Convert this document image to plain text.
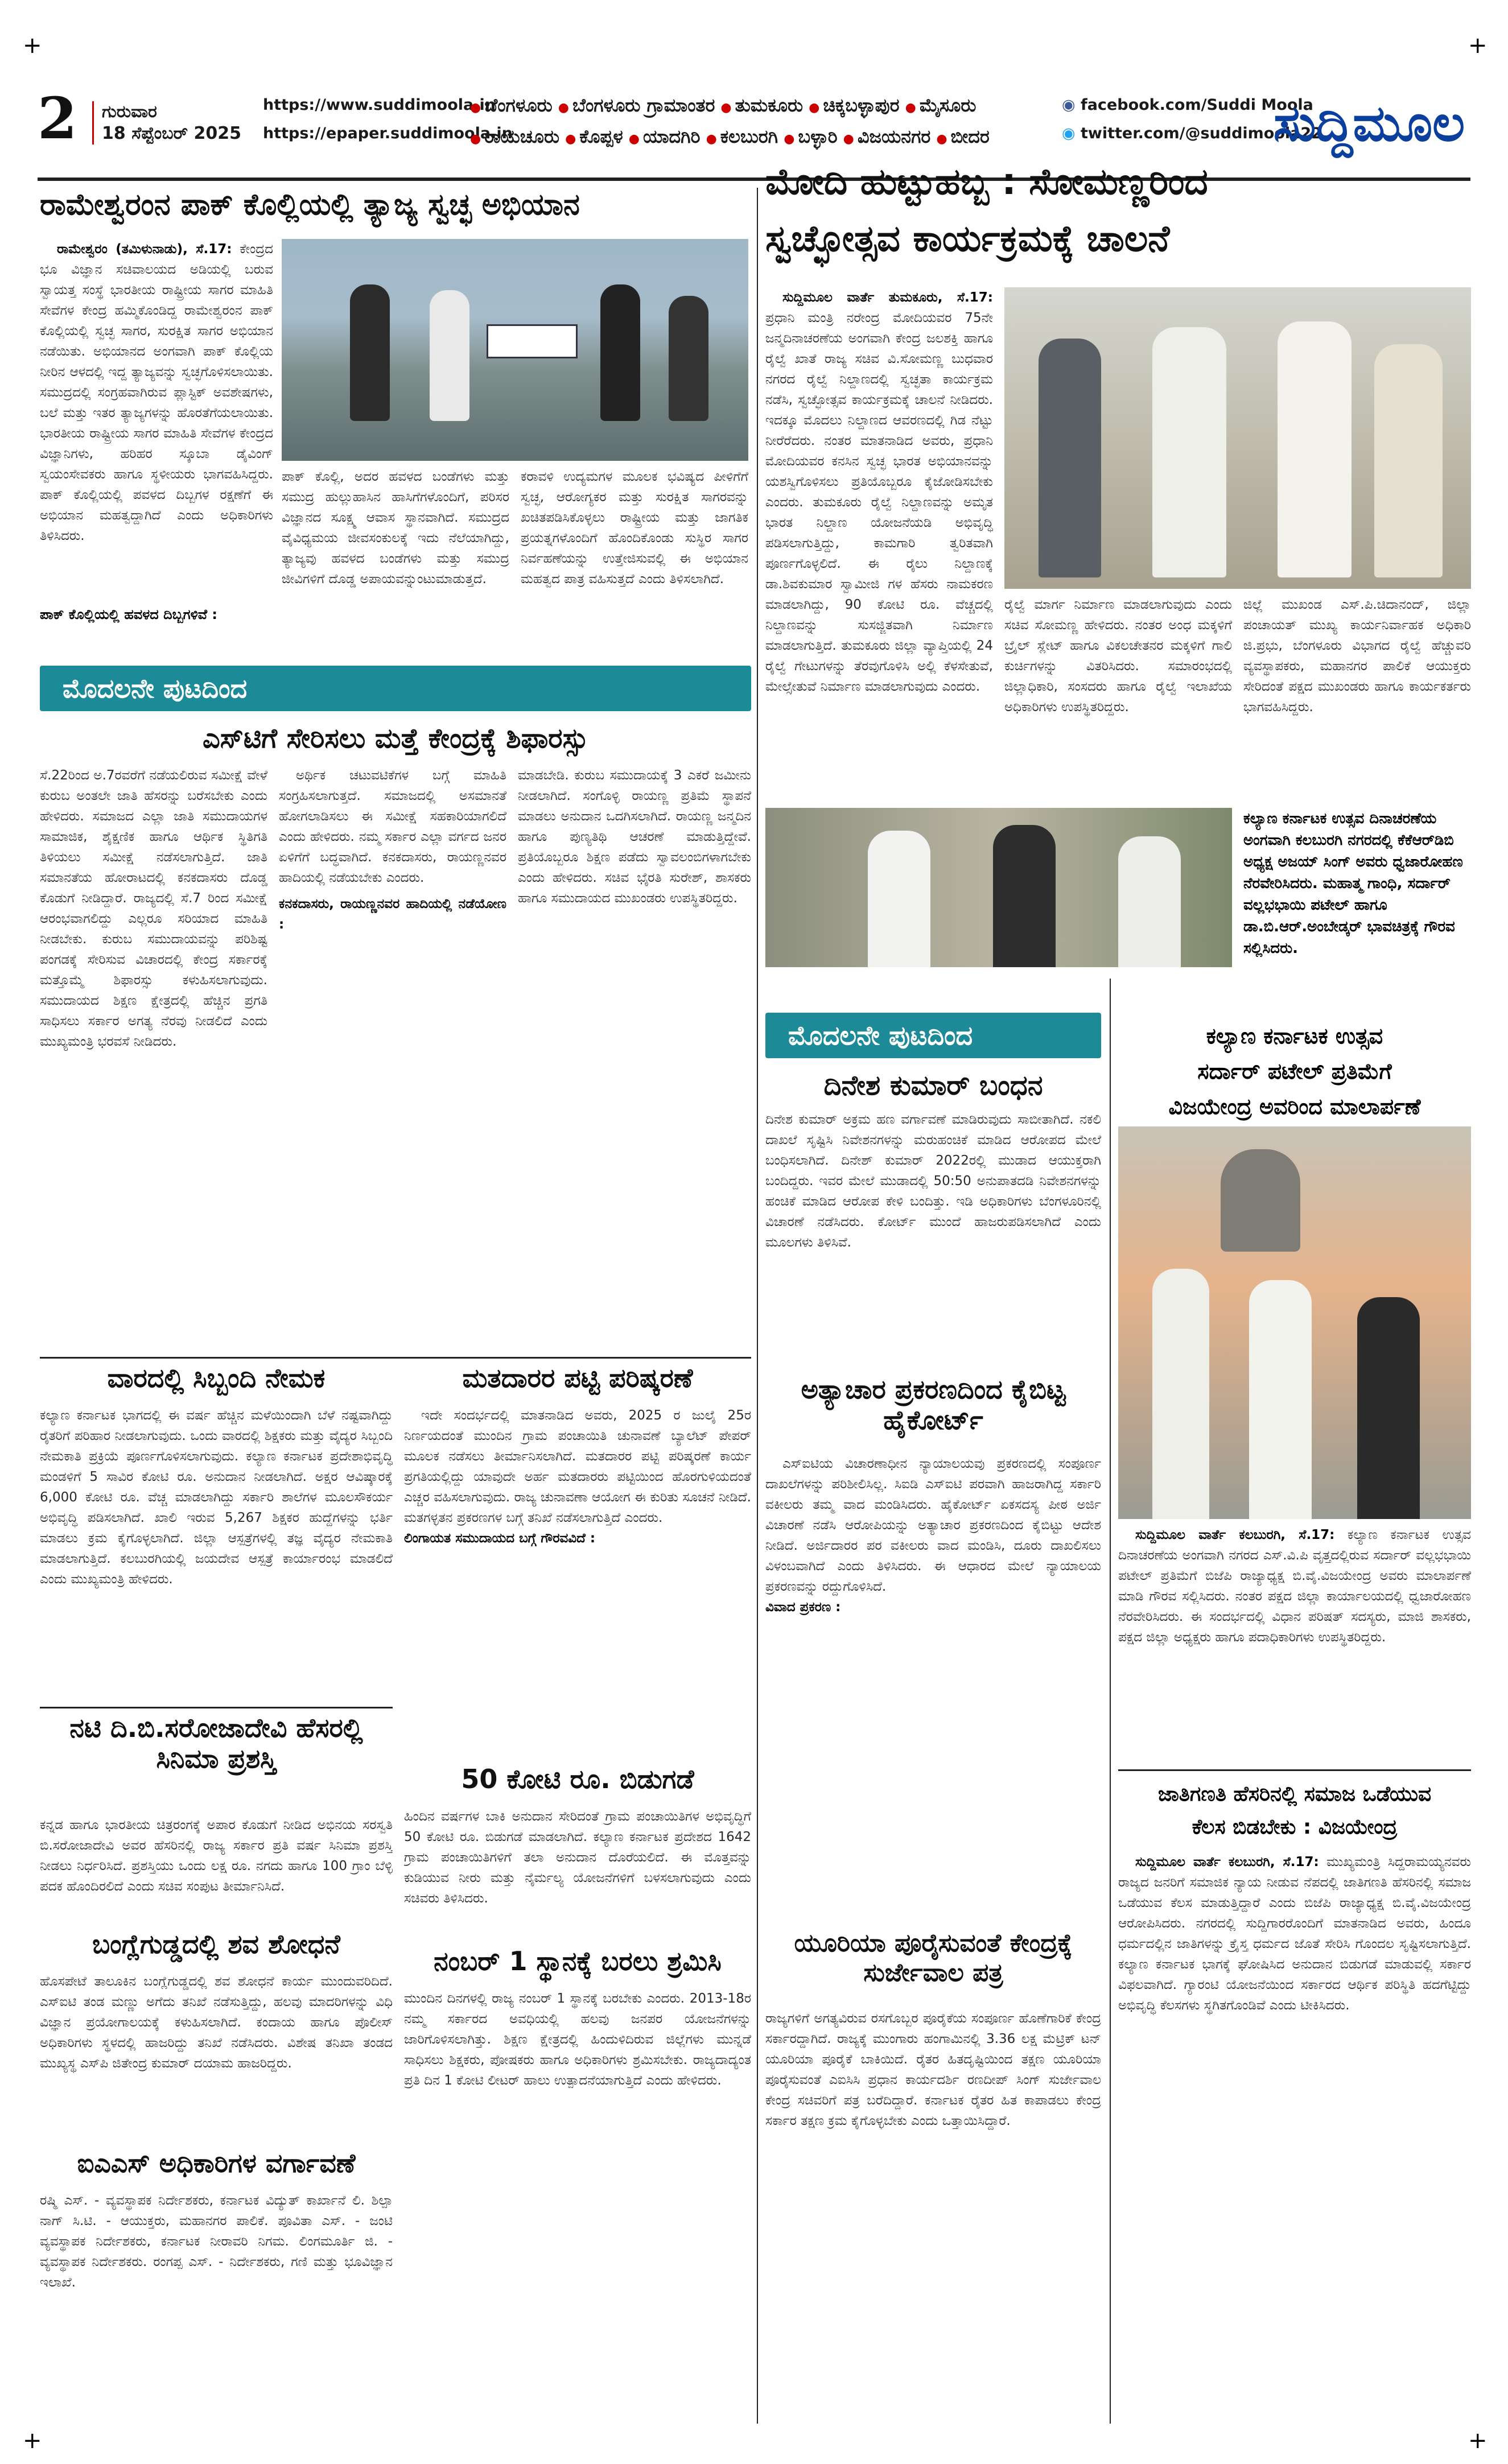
+	+
+	+
2 ಗುರುವಾರ
18 ಸೆಪ್ಟೆಂಬರ್ 2025
https://www.suddimoola.in
https://epaper.suddimoola.in
● ಬೆಂಗಳೂರು ● ಬೆಂಗಳೂರು ಗ್ರಾಮಾಂತರ ● ತುಮಕೂರು ● ಚಿಕ್ಕಬಳ್ಳಾಪುರ ● ಮೈಸೂರು
● ರಾಯಚೂರು ● ಕೊಪ್ಪಳ ● ಯಾದಗಿರಿ ● ಕಲಬುರಗಿ ● ಬಳ್ಳಾರಿ ● ವಿಜಯನಗರ ● ಬೀದರ
◉ facebook.com/Suddi Moola
◉ twitter.com/@suddimoola22
ಸುದ್ದಿಮೂಲ
ರಾಮೇಶ್ವರಂನ ಪಾಕ್ ಕೊಲ್ಲಿಯಲ್ಲಿ ತ್ಯಾಜ್ಯ ಸ್ವಚ್ಛ ಅಭಿಯಾನ

ರಾಮೇಶ್ವರಂ (ತಮಿಳುನಾಡು), ಸೆ.17: ಕೇಂದ್ರದ ಭೂ ವಿಜ್ಞಾನ ಸಚಿವಾಲಯದ ಅಡಿಯಲ್ಲಿ ಬರುವ ಸ್ವಾಯತ್ತ ಸಂಸ್ಥೆ ಭಾರತೀಯ ರಾಷ್ಟ್ರೀಯ ಸಾಗರ ಮಾಹಿತಿ ಸೇವೆಗಳ ಕೇಂದ್ರ ಹಮ್ಮಿಕೊಂಡಿದ್ದ ರಾಮೇಶ್ವರಂನ ಪಾಕ್ ಕೊಲ್ಲಿಯಲ್ಲಿ ಸ್ವಚ್ಛ ಸಾಗರ, ಸುರಕ್ಷಿತ ಸಾಗರ ಅಭಿಯಾನ ನಡೆಯಿತು. ಅಭಿಯಾನದ ಅಂಗವಾಗಿ ಪಾಕ್ ಕೊಲ್ಲಿಯ ನೀರಿನ ಆಳದಲ್ಲಿ ಇದ್ದ ತ್ಯಾಜ್ಯವನ್ನು ಸ್ವಚ್ಛಗೊಳಿಸಲಾಯಿತು. ಸಮುದ್ರದಲ್ಲಿ ಸಂಗ್ರಹವಾಗಿರುವ ಪ್ಲಾಸ್ಟಿಕ್ ಅವಶೇಷಗಳು, ಬಲೆ ಮತ್ತು ಇತರ ತ್ಯಾಜ್ಯಗಳನ್ನು ಹೊರತೆಗೆಯಲಾಯಿತು. ಭಾರತೀಯ ರಾಷ್ಟ್ರೀಯ ಸಾಗರ ಮಾಹಿತಿ ಸೇವೆಗಳ ಕೇಂದ್ರದ ವಿಜ್ಞಾನಿಗಳು, ಹರಿಹರ ಸ್ಕೂಬಾ ಡೈವಿಂಗ್ ಸ್ವಯಂಸೇವಕರು ಹಾಗೂ ಸ್ಥಳೀಯರು ಭಾಗವಹಿಸಿದ್ದರು. ಪಾಕ್ ಕೊಲ್ಲಿಯಲ್ಲಿ ಪವಳದ ದಿಬ್ಬಗಳ ರಕ್ಷಣೆಗೆ ಈ ಅಭಿಯಾನ ಮಹತ್ವದ್ದಾಗಿದೆ ಎಂದು ಅಧಿಕಾರಿಗಳು ತಿಳಿಸಿದರು.

ಪಾಕ್ ಕೊಲ್ಲಿ, ಅದರ ಹವಳದ ಬಂಡೆಗಳು ಮತ್ತು ಸಮುದ್ರ ಹುಲ್ಲುಹಾಸಿನ ಹಾಸಿಗೆಗಳೊಂದಿಗೆ, ಪರಿಸರ ವಿಜ್ಞಾನದ ಸೂಕ್ಷ್ಮ ಆವಾಸ ಸ್ಥಾನವಾಗಿದೆ. ಸಮುದ್ರದ ವೈವಿಧ್ಯಮಯ ಜೀವಸಂಕುಲಕ್ಕೆ ಇದು ನೆಲೆಯಾಗಿದ್ದು, ತ್ಯಾಜ್ಯವು ಹವಳದ ಬಂಡೆಗಳು ಮತ್ತು ಸಮುದ್ರ ಜೀವಿಗಳಿಗೆ ದೊಡ್ಡ ಅಪಾಯವನ್ನುಂಟುಮಾಡುತ್ತದೆ.
ಕರಾವಳಿ ಉದ್ಯಮಗಳ ಮೂಲಕ ಭವಿಷ್ಯದ ಪೀಳಿಗೆಗೆ ಸ್ವಚ್ಛ, ಆರೋಗ್ಯಕರ ಮತ್ತು ಸುರಕ್ಷಿತ ಸಾಗರವನ್ನು ಖಚಿತಪಡಿಸಿಕೊಳ್ಳಲು ರಾಷ್ಟ್ರೀಯ ಮತ್ತು ಜಾಗತಿಕ ಪ್ರಯತ್ನಗಳೊಂದಿಗೆ ಹೊಂದಿಕೊಂಡು ಸುಸ್ಥಿರ ಸಾಗರ ನಿರ್ವಹಣೆಯನ್ನು ಉತ್ತೇಜಿಸುವಲ್ಲಿ ಈ ಅಭಿಯಾನ ಮಹತ್ವದ ಪಾತ್ರ ವಹಿಸುತ್ತದೆ ಎಂದು ತಿಳಿಸಲಾಗಿದೆ.
ಪಾಕ್ ಕೊಲ್ಲಿಯಲ್ಲಿ ಹವಳದ ದಿಬ್ಬಗಳಿವೆ :
ಮೋದಿ ಹುಟ್ಟುಹಬ್ಬ : ಸೋಮಣ್ಣರಿಂದ
ಸ್ವಚ್ಛೋತ್ಸವ ಕಾರ್ಯಕ್ರಮಕ್ಕೆ ಚಾಲನೆ

ಸುದ್ದಿಮೂಲ ವಾರ್ತೆ ತುಮಕೂರು, ಸೆ.17: ಪ್ರಧಾನಿ ಮಂತ್ರಿ ನರೇಂದ್ರ ಮೋದಿಯವರ 75ನೇ ಜನ್ಮದಿನಾಚರಣೆಯ ಅಂಗವಾಗಿ ಕೇಂದ್ರ ಜಲಶಕ್ತಿ ಹಾಗೂ ರೈಲ್ವೆ ಖಾತೆ ರಾಜ್ಯ ಸಚಿವ ವಿ.ಸೋಮಣ್ಣ ಬುಧವಾರ ನಗರದ ರೈಲ್ವೆ ನಿಲ್ದಾಣದಲ್ಲಿ ಸ್ವಚ್ಛತಾ ಕಾರ್ಯಕ್ರಮ ನಡೆಸಿ, ಸ್ವಚ್ಛೋತ್ಸವ ಕಾರ್ಯಕ್ರಮಕ್ಕೆ ಚಾಲನೆ ನೀಡಿದರು. ಇದಕ್ಕೂ ಮೊದಲು ನಿಲ್ದಾಣದ ಆವರಣದಲ್ಲಿ ಗಿಡ ನೆಟ್ಟು ನೀರೆರೆದರು. ನಂತರ ಮಾತನಾಡಿದ ಅವರು, ಪ್ರಧಾನಿ ಮೋದಿಯವರ ಕನಸಿನ ಸ್ವಚ್ಛ ಭಾರತ ಅಭಿಯಾನವನ್ನು ಯಶಸ್ವಿಗೊಳಿಸಲು ಪ್ರತಿಯೊಬ್ಬರೂ ಕೈಜೋಡಿಸಬೇಕು ಎಂದರು. ತುಮಕೂರು ರೈಲ್ವೆ ನಿಲ್ದಾಣವನ್ನು ಅಮೃತ ಭಾರತ ನಿಲ್ದಾಣ ಯೋಜನೆಯಡಿ ಅಭಿವೃದ್ಧಿ ಪಡಿಸಲಾಗುತ್ತಿದ್ದು, ಕಾಮಗಾರಿ ತ್ವರಿತವಾಗಿ ಪೂರ್ಣಗೊಳ್ಳಲಿದೆ. ಈ ರೈಲು ನಿಲ್ದಾಣಕ್ಕೆ ಡಾ.ಶಿವಕುಮಾರ ಸ್ವಾಮೀಜಿ ಗಳ ಹೆಸರು ನಾಮಕರಣ ಮಾಡಲಾಗಿದ್ದು, 90 ಕೋಟಿ ರೂ. ವೆಚ್ಚದಲ್ಲಿ ನಿಲ್ದಾಣವನ್ನು ಸುಸಜ್ಜಿತವಾಗಿ ನಿರ್ಮಾಣ ಮಾಡಲಾಗುತ್ತಿದೆ. ತುಮಕೂರು ಜಿಲ್ಲಾ ವ್ಯಾಪ್ತಿಯಲ್ಲಿ 24 ರೈಲ್ವೆ ಗೇಟುಗಳನ್ನು ತೆರವುಗೊಳಿಸಿ ಅಲ್ಲಿ ಕೆಳಸೇತುವೆ, ಮೇಲ್ಸೇತುವೆ ನಿರ್ಮಾಣ ಮಾಡಲಾಗುವುದು ಎಂದರು.

ರೈಲ್ವೆ ಮಾರ್ಗ ನಿರ್ಮಾಣ ಮಾಡಲಾಗುವುದು ಎಂದು ಸಚಿವ ಸೋಮಣ್ಣ ಹೇಳಿದರು. ನಂತರ ಅಂಧ ಮಕ್ಕಳಿಗೆ ಬ್ರೈಲ್ ಸ್ಲೇಟ್ ಹಾಗೂ ವಿಕಲಚೇತನರ ಮಕ್ಕಳಿಗೆ ಗಾಲಿ ಕುರ್ಚಿಗಳನ್ನು ವಿತರಿಸಿದರು. ಸಮಾರಂಭದಲ್ಲಿ ಜಿಲ್ಲಾಧಿಕಾರಿ, ಸಂಸದರು ಹಾಗೂ ರೈಲ್ವೆ ಇಲಾಖೆಯ ಅಧಿಕಾರಿಗಳು ಉಪಸ್ಥಿತರಿದ್ದರು.
ಜಿಲ್ಲೆ ಮುಖಂಡ ಎಸ್.ಪಿ.ಚಿದಾನಂದ್, ಜಿಲ್ಲಾ ಪಂಚಾಯತ್ ಮುಖ್ಯ ಕಾರ್ಯನಿರ್ವಾಹಕ ಅಧಿಕಾರಿ ಜಿ.ಪ್ರಭು, ಬೆಂಗಳೂರು ವಿಭಾಗದ ರೈಲ್ವೆ ಹೆಚ್ಚುವರಿ ವ್ಯವಸ್ಥಾಪಕರು, ಮಹಾನಗರ ಪಾಲಿಕೆ ಆಯುಕ್ತರು ಸೇರಿದಂತೆ ಪಕ್ಷದ ಮುಖಂಡರು ಹಾಗೂ ಕಾರ್ಯಕರ್ತರು ಭಾಗವಹಿಸಿದ್ದರು.
ಕಲ್ಯಾಣ ಕರ್ನಾಟಕ ಉತ್ಸವ ದಿನಾಚರಣೆಯ ಅಂಗವಾಗಿ ಕಲಬುರಗಿ ನಗರದಲ್ಲಿ ಕೆಕೆಆರ್‌ಡಿಬಿ ಅಧ್ಯಕ್ಷ ಅಜಯ್ ಸಿಂಗ್ ಅವರು ಧ್ವಜಾರೋಹಣ ನೆರವೇರಿಸಿದರು. ಮಹಾತ್ಮ ಗಾಂಧಿ, ಸರ್ದಾರ್ ವಲ್ಲಭಭಾಯಿ ಪಟೇಲ್ ಹಾಗೂ ಡಾ.ಬಿ.ಆರ್.ಅಂಬೇಡ್ಕರ್ ಭಾವಚಿತ್ರಕ್ಕೆ ಗೌರವ ಸಲ್ಲಿಸಿದರು.
ಮೊದಲನೇ ಪುಟದಿಂದ
ಎಸ್‌ಟಿಗೆ ಸೇರಿಸಲು ಮತ್ತೆ ಕೇಂದ್ರಕ್ಕೆ ಶಿಫಾರಸ್ಸು
ಸೆ.22ರಿಂದ ಅ.7ರವರೆಗೆ ನಡೆಯಲಿರುವ ಸಮೀಕ್ಷೆ ವೇಳೆ ಕುರುಬ ಅಂತಲೇ ಜಾತಿ ಹೆಸರನ್ನು ಬರೆಸಬೇಕು ಎಂದು ಹೇಳಿದರು. ಸಮಾಜದ ಎಲ್ಲಾ ಜಾತಿ ಸಮುದಾಯಗಳ ಸಾಮಾಜಿಕ, ಶೈಕ್ಷಣಿಕ ಹಾಗೂ ಆರ್ಥಿಕ ಸ್ಥಿತಿಗತಿ ತಿಳಿಯಲು ಸಮೀಕ್ಷೆ ನಡೆಸಲಾಗುತ್ತಿದೆ. ಜಾತಿ ಸಮಾನತೆಯ ಹೋರಾಟದಲ್ಲಿ ಕನಕದಾಸರು ದೊಡ್ಡ ಕೊಡುಗೆ ನೀಡಿದ್ದಾರೆ. ರಾಜ್ಯದಲ್ಲಿ ಸೆ.7 ರಿಂದ ಸಮೀಕ್ಷೆ ಆರಂಭವಾಗಲಿದ್ದು ಎಲ್ಲರೂ ಸರಿಯಾದ ಮಾಹಿತಿ ನೀಡಬೇಕು. ಕುರುಬ ಸಮುದಾಯವನ್ನು ಪರಿಶಿಷ್ಟ ಪಂಗಡಕ್ಕೆ ಸೇರಿಸುವ ವಿಚಾರದಲ್ಲಿ ಕೇಂದ್ರ ಸರ್ಕಾರಕ್ಕೆ ಮತ್ತೊಮ್ಮೆ ಶಿಫಾರಸ್ಸು ಕಳುಹಿಸಲಾಗುವುದು. ಸಮುದಾಯದ ಶಿಕ್ಷಣ ಕ್ಷೇತ್ರದಲ್ಲಿ ಹೆಚ್ಚಿನ ಪ್ರಗತಿ ಸಾಧಿಸಲು ಸರ್ಕಾರ ಅಗತ್ಯ ನೆರವು ನೀಡಲಿದೆ ಎಂದು ಮುಖ್ಯಮಂತ್ರಿ ಭರವಸೆ ನೀಡಿದರು.

ಅರ್ಥಿಕ ಚಟುವಟಿಕೆಗಳ ಬಗ್ಗೆ ಮಾಹಿತಿ ಸಂಗ್ರಹಿಸಲಾಗುತ್ತದೆ. ಸಮಾಜದಲ್ಲಿ ಅಸಮಾನತೆ ಹೋಗಲಾಡಿಸಲು ಈ ಸಮೀಕ್ಷೆ ಸಹಕಾರಿಯಾಗಲಿದೆ ಎಂದು ಹೇಳಿದರು. ನಮ್ಮ ಸರ್ಕಾರ ಎಲ್ಲಾ ವರ್ಗದ ಜನರ ಏಳಿಗೆಗೆ ಬದ್ಧವಾಗಿದೆ. ಕನಕದಾಸರು, ರಾಯಣ್ಣನವರ ಹಾದಿಯಲ್ಲಿ ನಡೆಯಬೇಕು ಎಂದರು.

ಕನಕದಾಸರು, ರಾಯಣ್ಣನವರ ಹಾದಿಯಲ್ಲಿ ನಡೆಯೋಣ :

ಮಾಡಬೇಡಿ. ಕುರುಬ ಸಮುದಾಯಕ್ಕೆ 3 ಎಕರೆ ಜಮೀನು ನೀಡಲಾಗಿದೆ. ಸಂಗೊಳ್ಳಿ ರಾಯಣ್ಣ ಪ್ರತಿಮೆ ಸ್ಥಾಪನೆ ಮಾಡಲು ಅನುದಾನ ಒದಗಿಸಲಾಗಿದೆ. ರಾಯಣ್ಣ ಜನ್ಮದಿನ ಹಾಗೂ ಪುಣ್ಯತಿಥಿ ಆಚರಣೆ ಮಾಡುತ್ತಿದ್ದೇವೆ. ಪ್ರತಿಯೊಬ್ಬರೂ ಶಿಕ್ಷಣ ಪಡೆದು ಸ್ವಾವಲಂಬಿಗಳಾಗಬೇಕು ಎಂದು ಹೇಳಿದರು. ಸಚಿವ ಭೈರತಿ ಸುರೇಶ್, ಶಾಸಕರು ಹಾಗೂ ಸಮುದಾಯದ ಮುಖಂಡರು ಉಪಸ್ಥಿತರಿದ್ದರು.
ವಾರದಲ್ಲಿ ಸಿಬ್ಬಂದಿ ನೇಮಕ
ಕಲ್ಯಾಣ ಕರ್ನಾಟಕ ಭಾಗದಲ್ಲಿ ಈ ವರ್ಷ ಹೆಚ್ಚಿನ ಮಳೆಯಿಂದಾಗಿ ಬೆಳೆ ನಷ್ಟವಾಗಿದ್ದು ರೈತರಿಗೆ ಪರಿಹಾರ ನೀಡಲಾಗುವುದು. ಒಂದು ವಾರದಲ್ಲಿ ಶಿಕ್ಷಕರು ಮತ್ತು ವೈದ್ಯರ ಸಿಬ್ಬಂದಿ ನೇಮಕಾತಿ ಪ್ರಕ್ರಿಯೆ ಪೂರ್ಣಗೊಳಿಸಲಾಗುವುದು. ಕಲ್ಯಾಣ ಕರ್ನಾಟಕ ಪ್ರದೇಶಾಭಿವೃದ್ಧಿ ಮಂಡಳಿಗೆ 5 ಸಾವಿರ ಕೋಟಿ ರೂ. ಅನುದಾನ ನೀಡಲಾಗಿದೆ. ಅಕ್ಷರ ಆವಿಷ್ಕಾರಕ್ಕೆ 6,000 ಕೋಟಿ ರೂ. ವೆಚ್ಚ ಮಾಡಲಾಗಿದ್ದು ಸರ್ಕಾರಿ ಶಾಲೆಗಳ ಮೂಲಸೌಕರ್ಯ ಅಭಿವೃದ್ಧಿ ಪಡಿಸಲಾಗಿದೆ. ಖಾಲಿ ಇರುವ 5,267 ಶಿಕ್ಷಕರ ಹುದ್ದೆಗಳನ್ನು ಭರ್ತಿ ಮಾಡಲು ಕ್ರಮ ಕೈಗೊಳ್ಳಲಾಗಿದೆ. ಜಿಲ್ಲಾ ಆಸ್ಪತ್ರೆಗಳಲ್ಲಿ ತಜ್ಞ ವೈದ್ಯರ ನೇಮಕಾತಿ ಮಾಡಲಾಗುತ್ತಿದೆ. ಕಲಬುರಗಿಯಲ್ಲಿ ಜಯದೇವ ಆಸ್ಪತ್ರೆ ಕಾರ್ಯಾರಂಭ ಮಾಡಲಿದೆ ಎಂದು ಮುಖ್ಯಮಂತ್ರಿ ಹೇಳಿದರು.
ಮತದಾರರ ಪಟ್ಟಿ ಪರಿಷ್ಕರಣೆ

ಇದೇ ಸಂದರ್ಭದಲ್ಲಿ ಮಾತನಾಡಿದ ಅವರು, 2025 ರ ಜುಲೈ 25ರ ನಿರ್ಣಯದಂತೆ ಮುಂದಿನ ಗ್ರಾಮ ಪಂಚಾಯಿತಿ ಚುನಾವಣೆ ಬ್ಯಾಲೆಟ್ ಪೇಪರ್ ಮೂಲಕ ನಡೆಸಲು ತೀರ್ಮಾನಿಸಲಾಗಿದೆ. ಮತದಾರರ ಪಟ್ಟಿ ಪರಿಷ್ಕರಣೆ ಕಾರ್ಯ ಪ್ರಗತಿಯಲ್ಲಿದ್ದು ಯಾವುದೇ ಅರ್ಹ ಮತದಾರರು ಪಟ್ಟಿಯಿಂದ ಹೊರಗುಳಿಯದಂತೆ ಎಚ್ಚರ ವಹಿಸಲಾಗುವುದು. ರಾಜ್ಯ ಚುನಾವಣಾ ಆಯೋಗ ಈ ಕುರಿತು ಸೂಚನೆ ನೀಡಿದೆ. ಮತಗಳ್ಳತನ ಪ್ರಕರಣಗಳ ಬಗ್ಗೆ ತನಿಖೆ ನಡೆಸಲಾಗುತ್ತಿದೆ ಎಂದರು.

ಲಿಂಗಾಯತ ಸಮುದಾಯದ ಬಗ್ಗೆ ಗೌರವವಿದೆ :

ನಟಿ ದಿ.ಬಿ.ಸರೋಜಾದೇವಿ ಹೆಸರಲ್ಲಿ ಸಿನಿಮಾ ಪ್ರಶಸ್ತಿ
ಕನ್ನಡ ಹಾಗೂ ಭಾರತೀಯ ಚಿತ್ರರಂಗಕ್ಕೆ ಅಪಾರ ಕೊಡುಗೆ ನೀಡಿದ ಅಭಿನಯ ಸರಸ್ವತಿ ಬಿ.ಸರೋಜಾದೇವಿ ಅವರ ಹೆಸರಿನಲ್ಲಿ ರಾಜ್ಯ ಸರ್ಕಾರ ಪ್ರತಿ ವರ್ಷ ಸಿನಿಮಾ ಪ್ರಶಸ್ತಿ ನೀಡಲು ನಿರ್ಧರಿಸಿದೆ. ಪ್ರಶಸ್ತಿಯು ಒಂದು ಲಕ್ಷ ರೂ. ನಗದು ಹಾಗೂ 100 ಗ್ರಾಂ ಬೆಳ್ಳಿ ಪದಕ ಹೊಂದಿರಲಿದೆ ಎಂದು ಸಚಿವ ಸಂಪುಟ ತೀರ್ಮಾನಿಸಿದೆ.
ಬಂಗ್ಲೆಗುಡ್ಡದಲ್ಲಿ ಶವ ಶೋಧನೆ
ಹೊಸಪೇಟೆ ತಾಲೂಕಿನ ಬಂಗ್ಲೆಗುಡ್ಡದಲ್ಲಿ ಶವ ಶೋಧನೆ ಕಾರ್ಯ ಮುಂದುವರಿದಿದೆ. ಎಸ್‌ಐಟಿ ತಂಡ ಮಣ್ಣು ಅಗೆದು ತನಿಖೆ ನಡೆಸುತ್ತಿದ್ದು, ಹಲವು ಮಾದರಿಗಳನ್ನು ವಿಧಿ ವಿಜ್ಞಾನ ಪ್ರಯೋಗಾಲಯಕ್ಕೆ ಕಳುಹಿಸಲಾಗಿದೆ. ಕಂದಾಯ ಹಾಗೂ ಪೊಲೀಸ್ ಅಧಿಕಾರಿಗಳು ಸ್ಥಳದಲ್ಲಿ ಹಾಜರಿದ್ದು ತನಿಖೆ ನಡೆಸಿದರು. ವಿಶೇಷ ತನಿಖಾ ತಂಡದ ಮುಖ್ಯಸ್ಥ ಎಸ್‌ಪಿ ಜಿತೇಂದ್ರ ಕುಮಾರ್ ದಯಾಮ ಹಾಜರಿದ್ದರು.
ಐಎಎಸ್ ಅಧಿಕಾರಿಗಳ ವರ್ಗಾವಣೆ
ರಷ್ಮಿ ಎಸ್. - ವ್ಯವಸ್ಥಾಪಕ ನಿರ್ದೇಶಕರು, ಕರ್ನಾಟಕ ವಿದ್ಯುತ್ ಕಾರ್ಖಾನೆ ಲಿ. ಶಿಲ್ಪಾ ನಾಗ್ ಸಿ.ಟಿ. - ಆಯುಕ್ತರು, ಮಹಾನಗರ ಪಾಲಿಕೆ. ಪೂವಿತಾ ಎಸ್. - ಜಂಟಿ ವ್ಯವಸ್ಥಾಪಕ ನಿರ್ದೇಶಕರು, ಕರ್ನಾಟಕ ನೀರಾವರಿ ನಿಗಮ. ಲಿಂಗಮೂರ್ತಿ ಜಿ. - ವ್ಯವಸ್ಥಾಪಕ ನಿರ್ದೇಶಕರು. ರಂಗಪ್ಪ ಎಸ್. - ನಿರ್ದೇಶಕರು, ಗಣಿ ಮತ್ತು ಭೂವಿಜ್ಞಾನ ಇಲಾಖೆ.
50 ಕೋಟಿ ರೂ. ಬಿಡುಗಡೆ
ಹಿಂದಿನ ವರ್ಷಗಳ ಬಾಕಿ ಅನುದಾನ ಸೇರಿದಂತೆ ಗ್ರಾಮ ಪಂಚಾಯಿತಿಗಳ ಅಭಿವೃದ್ಧಿಗೆ 50 ಕೋಟಿ ರೂ. ಬಿಡುಗಡೆ ಮಾಡಲಾಗಿದೆ. ಕಲ್ಯಾಣ ಕರ್ನಾಟಕ ಪ್ರದೇಶದ 1642 ಗ್ರಾಮ ಪಂಚಾಯಿತಿಗಳಿಗೆ ತಲಾ ಅನುದಾನ ದೊರೆಯಲಿದೆ. ಈ ಮೊತ್ತವನ್ನು ಕುಡಿಯುವ ನೀರು ಮತ್ತು ನೈರ್ಮಲ್ಯ ಯೋಜನೆಗಳಿಗೆ ಬಳಸಲಾಗುವುದು ಎಂದು ಸಚಿವರು ತಿಳಿಸಿದರು.
ನಂಬರ್ 1 ಸ್ಥಾನಕ್ಕೆ ಬರಲು ಶ್ರಮಿಸಿ
ಮುಂದಿನ ದಿನಗಳಲ್ಲಿ ರಾಜ್ಯ ನಂಬರ್ 1 ಸ್ಥಾನಕ್ಕೆ ಬರಬೇಕು ಎಂದರು. 2013-18ರ ನಮ್ಮ ಸರ್ಕಾರದ ಅವಧಿಯಲ್ಲಿ ಹಲವು ಜನಪರ ಯೋಜನೆಗಳನ್ನು ಜಾರಿಗೊಳಿಸಲಾಗಿತ್ತು. ಶಿಕ್ಷಣ ಕ್ಷೇತ್ರದಲ್ಲಿ ಹಿಂದುಳಿದಿರುವ ಜಿಲ್ಲೆಗಳು ಮುನ್ನಡೆ ಸಾಧಿಸಲು ಶಿಕ್ಷಕರು, ಪೋಷಕರು ಹಾಗೂ ಅಧಿಕಾರಿಗಳು ಶ್ರಮಿಸಬೇಕು. ರಾಜ್ಯದಾದ್ಯಂತ ಪ್ರತಿ ದಿನ 1 ಕೋಟಿ ಲೀಟರ್ ಹಾಲು ಉತ್ಪಾದನೆಯಾಗುತ್ತಿದೆ ಎಂದು ಹೇಳಿದರು.
ಮೊದಲನೇ ಪುಟದಿಂದ
ದಿನೇಶ ಕುಮಾರ್ ಬಂಧನ
ದಿನೇಶ ಕುಮಾರ್ ಅಕ್ರಮ ಹಣ ವರ್ಗಾವಣೆ ಮಾಡಿರುವುದು ಸಾಬೀತಾಗಿದೆ. ನಕಲಿ ದಾಖಲೆ ಸೃಷ್ಟಿಸಿ ನಿವೇಶನಗಳನ್ನು ಮರುಹಂಚಿಕೆ ಮಾಡಿದ ಆರೋಪದ ಮೇಲೆ ಬಂಧಿಸಲಾಗಿದೆ. ದಿನೇಶ್ ಕುಮಾರ್ 2022ರಲ್ಲಿ ಮುಡಾದ ಆಯುಕ್ತರಾಗಿ ಬಂದಿದ್ದರು. ಇವರ ಮೇಲೆ ಮುಡಾದಲ್ಲಿ 50:50 ಅನುಪಾತದಡಿ ನಿವೇಶನಗಳನ್ನು ಹಂಚಿಕೆ ಮಾಡಿದ ಆರೋಪ ಕೇಳಿ ಬಂದಿತ್ತು. ಇಡಿ ಅಧಿಕಾರಿಗಳು ಬೆಂಗಳೂರಿನಲ್ಲಿ ವಿಚಾರಣೆ ನಡೆಸಿದರು. ಕೋರ್ಟ್ ಮುಂದೆ ಹಾಜರುಪಡಿಸಲಾಗಿದೆ ಎಂದು ಮೂಲಗಳು ತಿಳಿಸಿವೆ.
ಅತ್ಯಾಚಾರ ಪ್ರಕರಣದಿಂದ ಕೈಬಿಟ್ಟ ಹೈಕೋರ್ಟ್

ಎಸ್‌ಐಟಿಯ ವಿಚಾರಣಾಧೀನ ನ್ಯಾಯಾಲಯವು ಪ್ರಕರಣದಲ್ಲಿ ಸಂಪೂರ್ಣ ದಾಖಲೆಗಳನ್ನು ಪರಿಶೀಲಿಸಿಲ್ಲ. ಸಿಐಡಿ ಎಸ್‌ಐಟಿ ಪರವಾಗಿ ಹಾಜರಾಗಿದ್ದ ಸರ್ಕಾರಿ ವಕೀಲರು ತಮ್ಮ ವಾದ ಮಂಡಿಸಿದರು. ಹೈಕೋರ್ಟ್ ಏಕಸದಸ್ಯ ಪೀಠ ಅರ್ಜಿ ವಿಚಾರಣೆ ನಡೆಸಿ ಆರೋಪಿಯನ್ನು ಅತ್ಯಾಚಾರ ಪ್ರಕರಣದಿಂದ ಕೈಬಿಟ್ಟು ಆದೇಶ ನೀಡಿದೆ. ಅರ್ಜಿದಾರರ ಪರ ವಕೀಲರು ವಾದ ಮಂಡಿಸಿ, ದೂರು ದಾಖಲಿಸಲು ವಿಳಂಬವಾಗಿದೆ ಎಂದು ತಿಳಿಸಿದರು. ಈ ಆಧಾರದ ಮೇಲೆ ನ್ಯಾಯಾಲಯ ಪ್ರಕರಣವನ್ನು ರದ್ದುಗೊಳಿಸಿದೆ.

ವಿವಾದ ಪ್ರಕರಣ :

ಯೂರಿಯಾ ಪೂರೈಸುವಂತೆ ಕೇಂದ್ರಕ್ಕೆ ಸುರ್ಜೇವಾಲ ಪತ್ರ
ರಾಜ್ಯಗಳಿಗೆ ಅಗತ್ಯವಿರುವ ರಸಗೊಬ್ಬರ ಪೂರೈಕೆಯ ಸಂಪೂರ್ಣ ಹೊಣೆಗಾರಿಕೆ ಕೇಂದ್ರ ಸರ್ಕಾರದ್ದಾಗಿದೆ. ರಾಜ್ಯಕ್ಕೆ ಮುಂಗಾರು ಹಂಗಾಮಿನಲ್ಲಿ 3.36 ಲಕ್ಷ ಮೆಟ್ರಿಕ್ ಟನ್ ಯೂರಿಯಾ ಪೂರೈಕೆ ಬಾಕಿಯಿದೆ. ರೈತರ ಹಿತದೃಷ್ಟಿಯಿಂದ ತಕ್ಷಣ ಯೂರಿಯಾ ಪೂರೈಸುವಂತೆ ಎಐಸಿಸಿ ಪ್ರಧಾನ ಕಾರ್ಯದರ್ಶಿ ರಣದೀಪ್ ಸಿಂಗ್ ಸುರ್ಜೇವಾಲ ಕೇಂದ್ರ ಸಚಿವರಿಗೆ ಪತ್ರ ಬರೆದಿದ್ದಾರೆ. ಕರ್ನಾಟಕ ರೈತರ ಹಿತ ಕಾಪಾಡಲು ಕೇಂದ್ರ ಸರ್ಕಾರ ತಕ್ಷಣ ಕ್ರಮ ಕೈಗೊಳ್ಳಬೇಕು ಎಂದು ಒತ್ತಾಯಿಸಿದ್ದಾರೆ.
ಕಲ್ಯಾಣ ಕರ್ನಾಟಕ ಉತ್ಸವ
ಸರ್ದಾರ್ ಪಟೇಲ್ ಪ್ರತಿಮೆಗೆ
ವಿಜಯೇಂದ್ರ ಅವರಿಂದ ಮಾಲಾರ್ಪಣೆ

ಸುದ್ದಿಮೂಲ ವಾರ್ತೆ ಕಲಬುರಗಿ, ಸೆ.17: ಕಲ್ಯಾಣ ಕರ್ನಾಟಕ ಉತ್ಸವ ದಿನಾಚರಣೆಯ ಅಂಗವಾಗಿ ನಗರದ ಎಸ್.ವಿ.ಪಿ ವೃತ್ತದಲ್ಲಿರುವ ಸರ್ದಾರ್ ವಲ್ಲಭಭಾಯಿ ಪಟೇಲ್ ಪ್ರತಿಮೆಗೆ ಬಿಜೆಪಿ ರಾಜ್ಯಾಧ್ಯಕ್ಷ ಬಿ.ವೈ.ವಿಜಯೇಂದ್ರ ಅವರು ಮಾಲಾರ್ಪಣೆ ಮಾಡಿ ಗೌರವ ಸಲ್ಲಿಸಿದರು. ನಂತರ ಪಕ್ಷದ ಜಿಲ್ಲಾ ಕಾರ್ಯಾಲಯದಲ್ಲಿ ಧ್ವಜಾರೋಹಣ ನೆರವೇರಿಸಿದರು. ಈ ಸಂದರ್ಭದಲ್ಲಿ ವಿಧಾನ ಪರಿಷತ್ ಸದಸ್ಯರು, ಮಾಜಿ ಶಾಸಕರು, ಪಕ್ಷದ ಜಿಲ್ಲಾ ಅಧ್ಯಕ್ಷರು ಹಾಗೂ ಪದಾಧಿಕಾರಿಗಳು ಉಪಸ್ಥಿತರಿದ್ದರು.

ಜಾತಿಗಣತಿ ಹೆಸರಿನಲ್ಲಿ ಸಮಾಜ ಒಡೆಯುವ
ಕೆಲಸ ಬಿಡಬೇಕು : ವಿಜಯೇಂದ್ರ

ಸುದ್ದಿಮೂಲ ವಾರ್ತೆ ಕಲಬುರಗಿ, ಸೆ.17: ಮುಖ್ಯಮಂತ್ರಿ ಸಿದ್ದರಾಮಯ್ಯನವರು ರಾಜ್ಯದ ಜನರಿಗೆ ಸಮಾಜಿಕ ನ್ಯಾಯ ನೀಡುವ ನೆಪದಲ್ಲಿ ಜಾತಿಗಣತಿ ಹೆಸರಿನಲ್ಲಿ ಸಮಾಜ ಒಡೆಯುವ ಕೆಲಸ ಮಾಡುತ್ತಿದ್ದಾರೆ ಎಂದು ಬಿಜೆಪಿ ರಾಜ್ಯಾಧ್ಯಕ್ಷ ಬಿ.ವೈ.ವಿಜಯೇಂದ್ರ ಆರೋಪಿಸಿದರು. ನಗರದಲ್ಲಿ ಸುದ್ದಿಗಾರರೊಂದಿಗೆ ಮಾತನಾಡಿದ ಅವರು, ಹಿಂದೂ ಧರ್ಮದಲ್ಲಿನ ಜಾತಿಗಳನ್ನು ಕ್ರೈಸ್ತ ಧರ್ಮದ ಜೊತೆ ಸೇರಿಸಿ ಗೊಂದಲ ಸೃಷ್ಟಿಸಲಾಗುತ್ತಿದೆ. ಕಲ್ಯಾಣ ಕರ್ನಾಟಕ ಭಾಗಕ್ಕೆ ಘೋಷಿಸಿದ ಅನುದಾನ ಬಿಡುಗಡೆ ಮಾಡುವಲ್ಲಿ ಸರ್ಕಾರ ವಿಫಲವಾಗಿದೆ. ಗ್ಯಾರಂಟಿ ಯೋಜನೆಯಿಂದ ಸರ್ಕಾರದ ಆರ್ಥಿಕ ಪರಿಸ್ಥಿತಿ ಹದಗೆಟ್ಟಿದ್ದು ಅಭಿವೃದ್ಧಿ ಕೆಲಸಗಳು ಸ್ಥಗಿತಗೊಂಡಿವೆ ಎಂದು ಟೀಕಿಸಿದರು.
